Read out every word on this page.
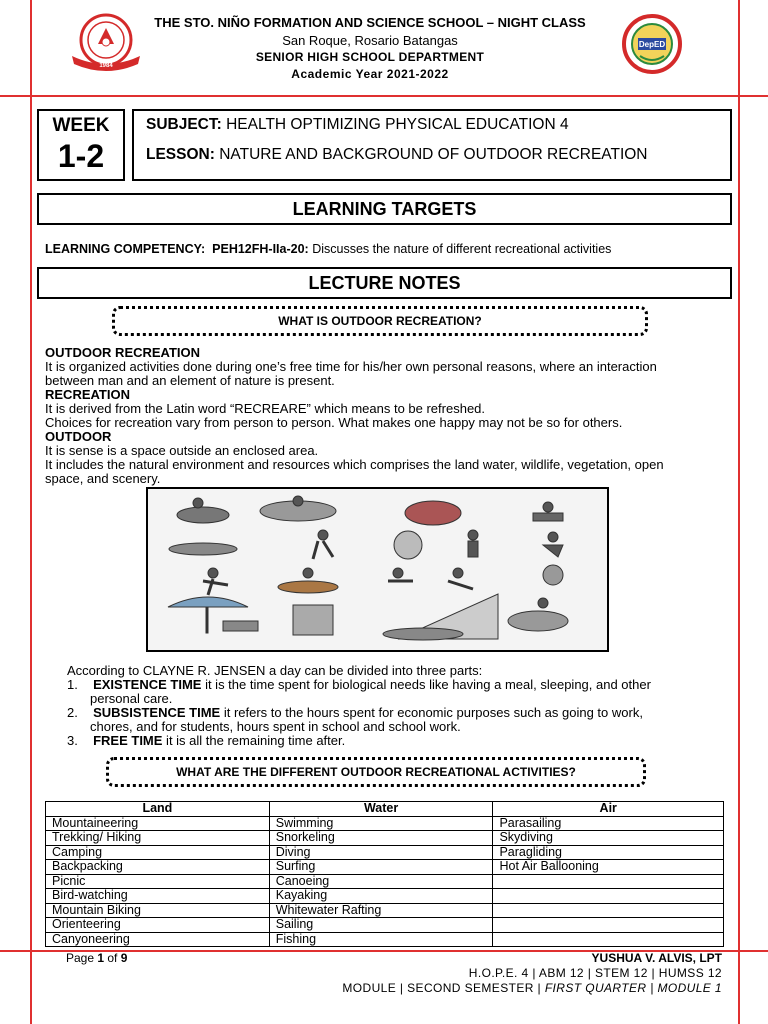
1984
DepED
THE STO. NIÑO FORMATION AND SCIENCE SCHOOL – NIGHT CLASS
San Roque, Rosario Batangas
SENIOR HIGH SCHOOL DEPARTMENT
Academic Year 2021-2022
WEEK
1-2
SUBJECT: HEALTH OPTIMIZING PHYSICAL EDUCATION 4
LESSON: NATURE AND BACKGROUND OF OUTDOOR RECREATION
LEARNING TARGETS
LEARNING COMPETENCY: PEH12FH-IIa-20: Discusses the nature of different recreational activities
LECTURE NOTES
WHAT IS OUTDOOR RECREATION?
OUTDOOR RECREATION
It is organized activities done during one’s free time for his/her own personal reasons, where an interaction
between man and an element of nature is present.
RECREATION
It is derived from the Latin word “RECREARE” which means to be refreshed.
Choices for recreation vary from person to person. What makes one happy may not be so for others.
OUTDOOR
It is sense is a space outside an enclosed area.
It includes the natural environment and resources which comprises the land water, wildlife, vegetation, open
space, and scenery.
According to CLAYNE R. JENSEN a day can be divided into three parts:
1. EXISTENCE TIME it is the time spent for biological needs like having a meal, sleeping, and other
personal care.
2. SUBSISTENCE TIME it refers to the hours spent for economic purposes such as going to work,
chores, and for students, hours spent in school and school work.
3. FREE TIME it is all the remaining time after.
WHAT ARE THE DIFFERENT OUTDOOR RECREATIONAL ACTIVITIES?
Land	Water	Air
Mountaineering	Swimming	Parasailing
Trekking/ Hiking	Snorkeling	Skydiving
Camping	Diving	Paragliding
Backpacking	Surfing	Hot Air Ballooning
Picnic	Canoeing	
Bird-watching	Kayaking	
Mountain Biking	Whitewater Rafting	
Orienteering	Sailing	
Canyoneering	Fishing	
Page 1 of 9	YUSHUA V. ALVIS, LPT
H.O.P.E. 4 | ABM 12 | STEM 12 | HUMSS 12
MODULE | SECOND SEMESTER | FIRST QUARTER | MODULE 1
